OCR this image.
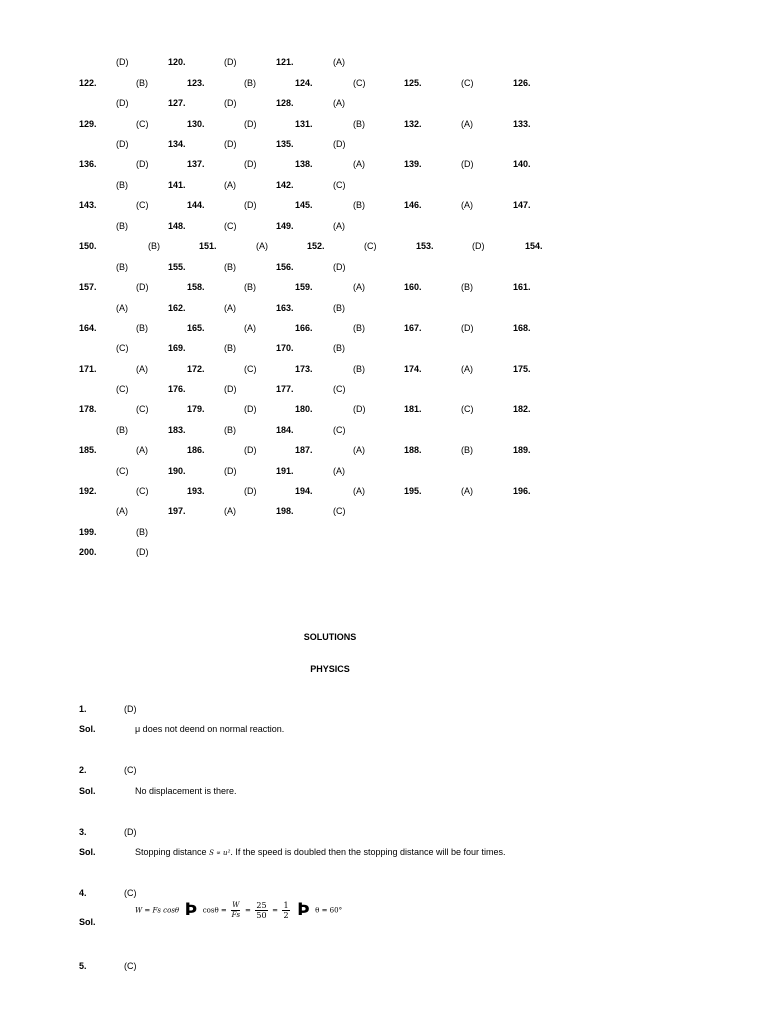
(D)	120.	(D)	121.	(A)
122.	(B)	123.	(B)	124.	(C)	125.	(C)	126.
(D)	127.	(D)	128.	(A)
129.	(C)	130.	(D)	131.	(B)	132.	(A)	133.
(D)	134.	(D)	135.	(D)
136.	(D)	137.	(D)	138.	(A)	139.	(D)	140.
(B)	141.	(A)	142.	(C)
143.	(C)	144.	(D)	145.	(B)	146.	(A)	147.
(B)	148.	(C)	149.	(A)
150.	(B)	151.	(A)	152.	(C)	153.	(D)	154.
(B)	155.	(B)	156.	(D)
157.	(D)	158.	(B)	159.	(A)	160.	(B)	161.
(A)	162.	(A)	163.	(B)
164.	(B)	165.	(A)	166.	(B)	167.	(D)	168.
(C)	169.	(B)	170.	(B)
171.	(A)	172.	(C)	173.	(B)	174.	(A)	175.
(C)	176.	(D)	177.	(C)
178.	(C)	179.	(D)	180.	(D)	181.	(C)	182.
(B)	183.	(B)	184.	(C)
185.	(A)	186.	(D)	187.	(A)	188.	(B)	189.
(C)	190.	(D)	191.	(A)
192.	(C)	193.	(D)	194.	(A)	195.	(A)	196.
(A)	197.	(A)	198.	(C)
199.	(B)
200.	(D)
SOLUTIONS
PHYSICS
1.	(D)
Sol.	μ does not deend on normal reaction.
2.	(C)
Sol.	No displacement is there.
3.	(D)
Sol.	Stopping distance S ∝ u². If the speed is doubled then the stopping distance will be four times.
4.	(C)
Sol.
W = Fs cosθ Þ $\cos\theta = \frac{W}{Fs} = \frac{25}{50} = \frac{1}{2}$ Þ θ = 60°
5.	(C)
